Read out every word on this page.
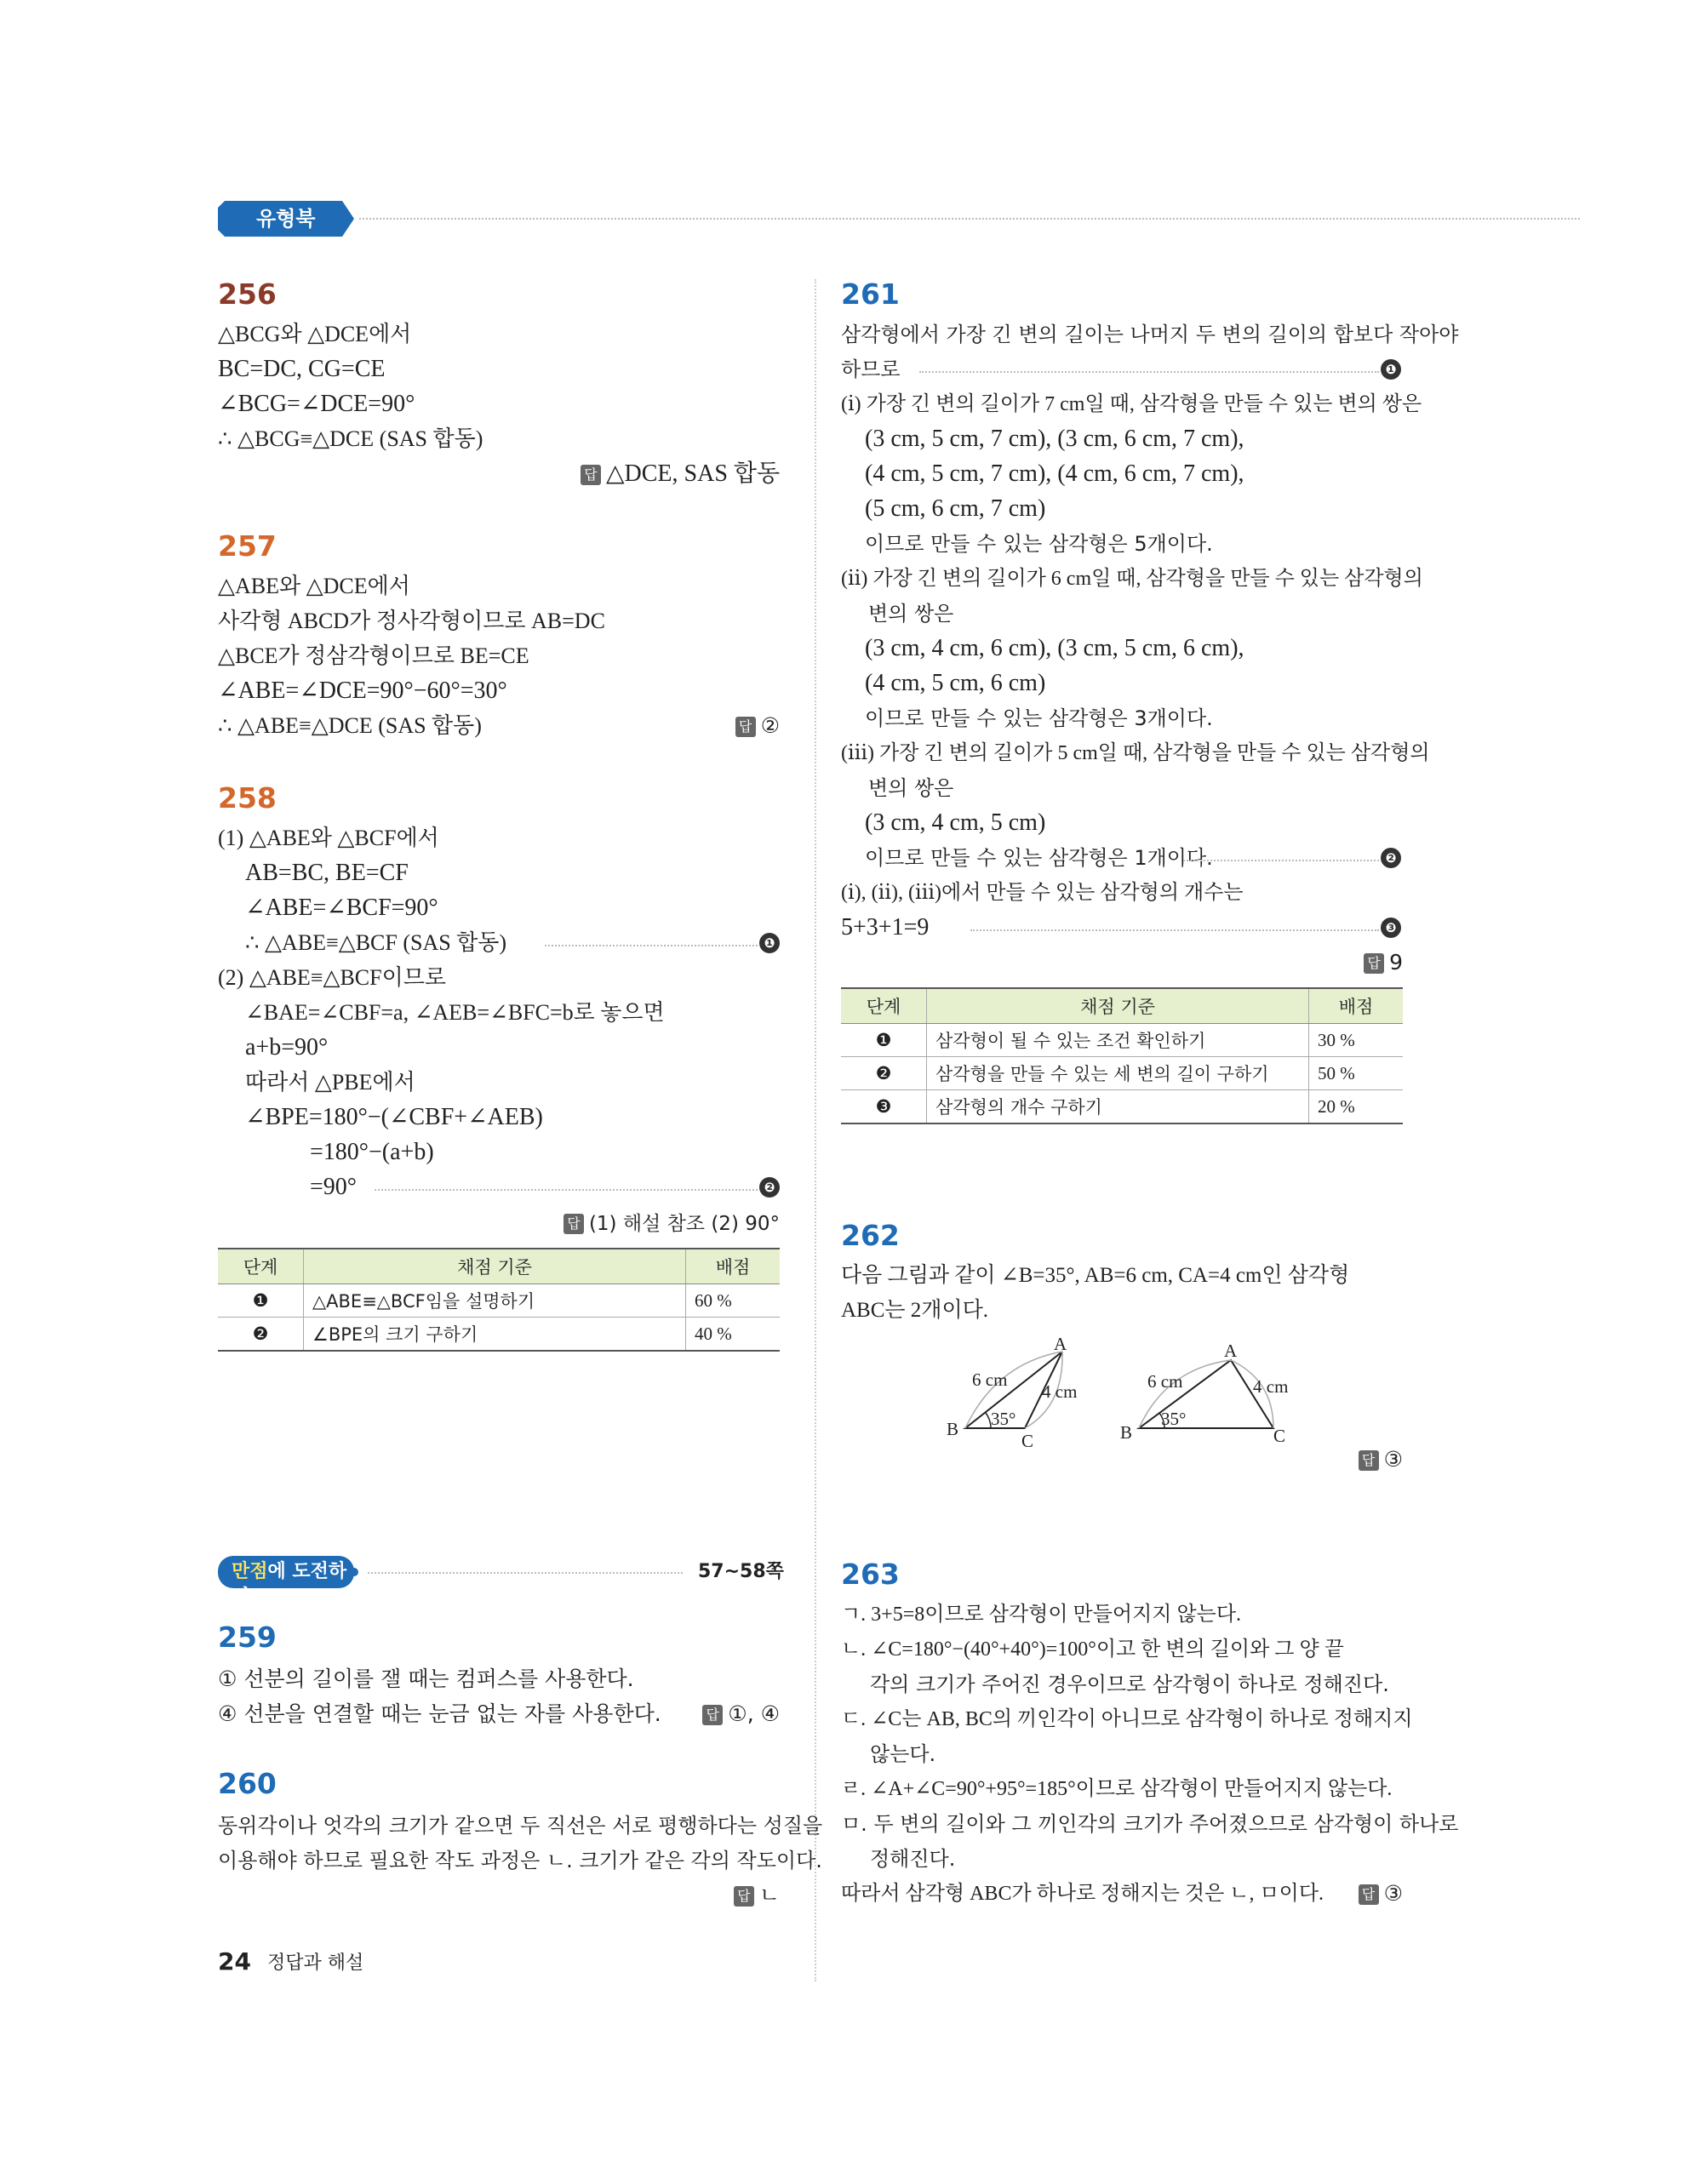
유형북
256
△BCG와 △DCE에서
BC=DC, CG=CE
∠BCG=∠DCE=90°
∴ △BCG≡△DCE (SAS 합동)
답 △DCE, SAS 합동
257
△ABE와 △DCE에서
사각형 ABCD가 정사각형이므로 AB=DC
△BCE가 정삼각형이므로 BE=CE
∠ABE=∠DCE=90°−60°=30°
∴ △ABE≡△DCE (SAS 합동)	답 ②
258
(1) △ABE와 △BCF에서
AB=BC, BE=CF
∠ABE=∠BCF=90°
∴ △ABE≡△BCF (SAS 합동)	❶
(2) △ABE≡△BCF이므로
∠BAE=∠CBF=a, ∠AEB=∠BFC=b로 놓으면
a+b=90°
따라서 △PBE에서
∠BPE=180°−(∠CBF+∠AEB)
=180°−(a+b)
=90°	❷
답 (1) 해설 참조 (2) 90°
단계	채점 기준	배점
❶	△ABE≡△BCF임을 설명하기	60 %
❷	∠BPE의 크기 구하기	40 %
만점에 도전하기
57~58쪽
259
① 선분의 길이를 잴 때는 컴퍼스를 사용한다.
④ 선분을 연결할 때는 눈금 없는 자를 사용한다.	답 ①, ④
260
동위각이나 엇각의 크기가 같으면 두 직선은 서로 평행하다는 성질을
이용해야 하므로 필요한 작도 과정은 ㄴ. 크기가 같은 각의 작도이다.
답 ㄴ
24 정답과 해설
261
삼각형에서 가장 긴 변의 길이는 나머지 두 변의 길이의 합보다 작아야
하므로	❶
(ⅰ) 가장 긴 변의 길이가 7 cm일 때, 삼각형을 만들 수 있는 변의 쌍은
(3 cm, 5 cm, 7 cm), (3 cm, 6 cm, 7 cm),
(4 cm, 5 cm, 7 cm), (4 cm, 6 cm, 7 cm),
(5 cm, 6 cm, 7 cm)
이므로 만들 수 있는 삼각형은 5개이다.
(ⅱ) 가장 긴 변의 길이가 6 cm일 때, 삼각형을 만들 수 있는 삼각형의
변의 쌍은
(3 cm, 4 cm, 6 cm), (3 cm, 5 cm, 6 cm),
(4 cm, 5 cm, 6 cm)
이므로 만들 수 있는 삼각형은 3개이다.
(ⅲ) 가장 긴 변의 길이가 5 cm일 때, 삼각형을 만들 수 있는 삼각형의
변의 쌍은
(3 cm, 4 cm, 5 cm)
이므로 만들 수 있는 삼각형은 1개이다.	❷
(ⅰ), (ⅱ), (ⅲ)에서 만들 수 있는 삼각형의 개수는
5+3+1=9	❸
답 9
단계	채점 기준	배점
❶	삼각형이 될 수 있는 조건 확인하기	30 %
❷	삼각형을 만들 수 있는 세 변의 길이 구하기	50 %
❸	삼각형의 개수 구하기	20 %
262
다음 그림과 같이 ∠B=35°, AB=6 cm, CA=4 cm인 삼각형
ABC는 2개이다.
A
B
C
6 cm
4 cm
35°
A
B	C
6 cm	4 cm
35°
답 ③
263
ㄱ. 3+5=8이므로 삼각형이 만들어지지 않는다.
ㄴ. ∠C=180°−(40°+40°)=100°이고 한 변의 길이와 그 양 끝
각의 크기가 주어진 경우이므로 삼각형이 하나로 정해진다.
ㄷ. ∠C는 AB, BC의 끼인각이 아니므로 삼각형이 하나로 정해지지
않는다.
ㄹ. ∠A+∠C=90°+95°=185°이므로 삼각형이 만들어지지 않는다.
ㅁ. 두 변의 길이와 그 끼인각의 크기가 주어졌으므로 삼각형이 하나로
정해진다.
따라서 삼각형 ABC가 하나로 정해지는 것은 ㄴ, ㅁ이다.	답 ③
